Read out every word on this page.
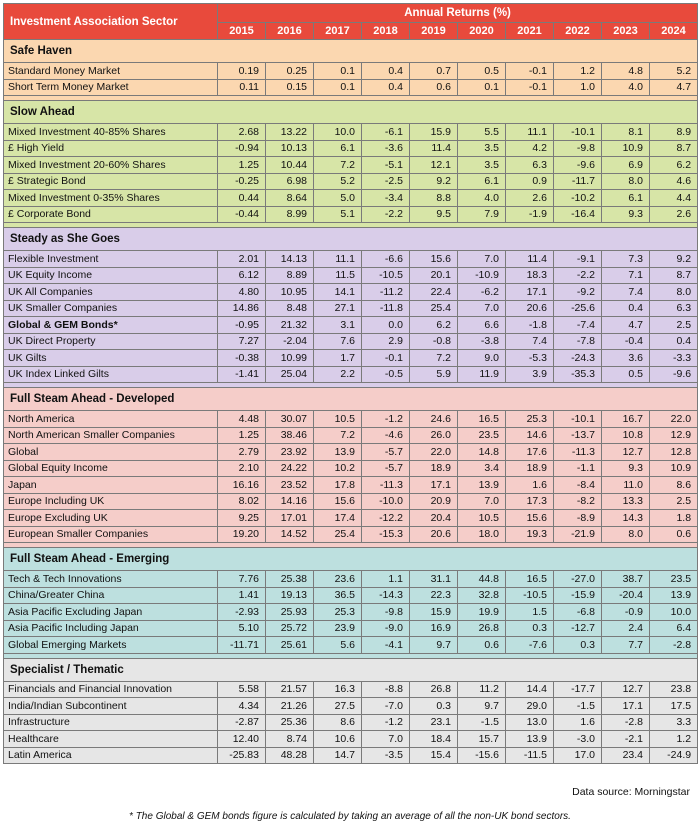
Investment Association Sector	Annual Returns (%)									
	2015	2016	2017	2018	2019	2020	2021	2022	2023	2024
Safe Haven										
Standard Money Market	0.19	0.25	0.1	0.4	0.7	0.5	-0.1	1.2	4.8	5.2
Short Term Money Market	0.11	0.15	0.1	0.4	0.6	0.1	-0.1	1.0	4.0	4.7

Slow Ahead										
Mixed Investment 40-85% Shares	2.68	13.22	10.0	-6.1	15.9	5.5	11.1	-10.1	8.1	8.9
£ High Yield	-0.94	10.13	6.1	-3.6	11.4	3.5	4.2	-9.8	10.9	8.7
Mixed Investment 20-60% Shares	1.25	10.44	7.2	-5.1	12.1	3.5	6.3	-9.6	6.9	6.2
£ Strategic Bond	-0.25	6.98	5.2	-2.5	9.2	6.1	0.9	-11.7	8.0	4.6
Mixed Investment 0-35% Shares	0.44	8.64	5.0	-3.4	8.8	4.0	2.6	-10.2	6.1	4.4
£ Corporate Bond	-0.44	8.99	5.1	-2.2	9.5	7.9	-1.9	-16.4	9.3	2.6

Steady as She Goes										
Flexible Investment	2.01	14.13	11.1	-6.6	15.6	7.0	11.4	-9.1	7.3	9.2
UK Equity Income	6.12	8.89	11.5	-10.5	20.1	-10.9	18.3	-2.2	7.1	8.7
UK All Companies	4.80	10.95	14.1	-11.2	22.4	-6.2	17.1	-9.2	7.4	8.0
UK Smaller Companies	14.86	8.48	27.1	-11.8	25.4	7.0	20.6	-25.6	0.4	6.3
Global & GEM Bonds*	-0.95	21.32	3.1	0.0	6.2	6.6	-1.8	-7.4	4.7	2.5
UK Direct Property	7.27	-2.04	7.6	2.9	-0.8	-3.8	7.4	-7.8	-0.4	0.4
UK Gilts	-0.38	10.99	1.7	-0.1	7.2	9.0	-5.3	-24.3	3.6	-3.3
UK Index Linked Gilts	-1.41	25.04	2.2	-0.5	5.9	11.9	3.9	-35.3	0.5	-9.6

Full Steam Ahead - Developed										
North America	4.48	30.07	10.5	-1.2	24.6	16.5	25.3	-10.1	16.7	22.0
North American Smaller Companies	1.25	38.46	7.2	-4.6	26.0	23.5	14.6	-13.7	10.8	12.9
Global	2.79	23.92	13.9	-5.7	22.0	14.8	17.6	-11.3	12.7	12.8
Global Equity Income	2.10	24.22	10.2	-5.7	18.9	3.4	18.9	-1.1	9.3	10.9
Japan	16.16	23.52	17.8	-11.3	17.1	13.9	1.6	-8.4	11.0	8.6
Europe Including UK	8.02	14.16	15.6	-10.0	20.9	7.0	17.3	-8.2	13.3	2.5
Europe Excluding UK	9.25	17.01	17.4	-12.2	20.4	10.5	15.6	-8.9	14.3	1.8
European Smaller Companies	19.20	14.52	25.4	-15.3	20.6	18.0	19.3	-21.9	8.0	0.6

Full Steam Ahead - Emerging										
Tech & Tech Innovations	7.76	25.38	23.6	1.1	31.1	44.8	16.5	-27.0	38.7	23.5
China/Greater China	1.41	19.13	36.5	-14.3	22.3	32.8	-10.5	-15.9	-20.4	13.9
Asia Pacific Excluding Japan	-2.93	25.93	25.3	-9.8	15.9	19.9	1.5	-6.8	-0.9	10.0
Asia Pacific Including Japan	5.10	25.72	23.9	-9.0	16.9	26.8	0.3	-12.7	2.4	6.4
Global Emerging Markets	-11.71	25.61	5.6	-4.1	9.7	0.6	-7.6	0.3	7.7	-2.8

Specialist / Thematic										
Financials and Financial Innovation	5.58	21.57	16.3	-8.8	26.8	11.2	14.4	-17.7	12.7	23.8
India/Indian Subcontinent	4.34	21.26	27.5	-7.0	0.3	9.7	29.0	-1.5	17.1	17.5
Infrastructure	-2.87	25.36	8.6	-1.2	23.1	-1.5	13.0	1.6	-2.8	3.3
Healthcare	12.40	8.74	10.6	7.0	18.4	15.7	13.9	-3.0	-2.1	1.2
Latin America	-25.83	48.28	14.7	-3.5	15.4	-15.6	-11.5	17.0	23.4	-24.9
Data source: Morningstar
* The Global & GEM bonds figure is calculated by taking an average of all the non-UK bond sectors.
